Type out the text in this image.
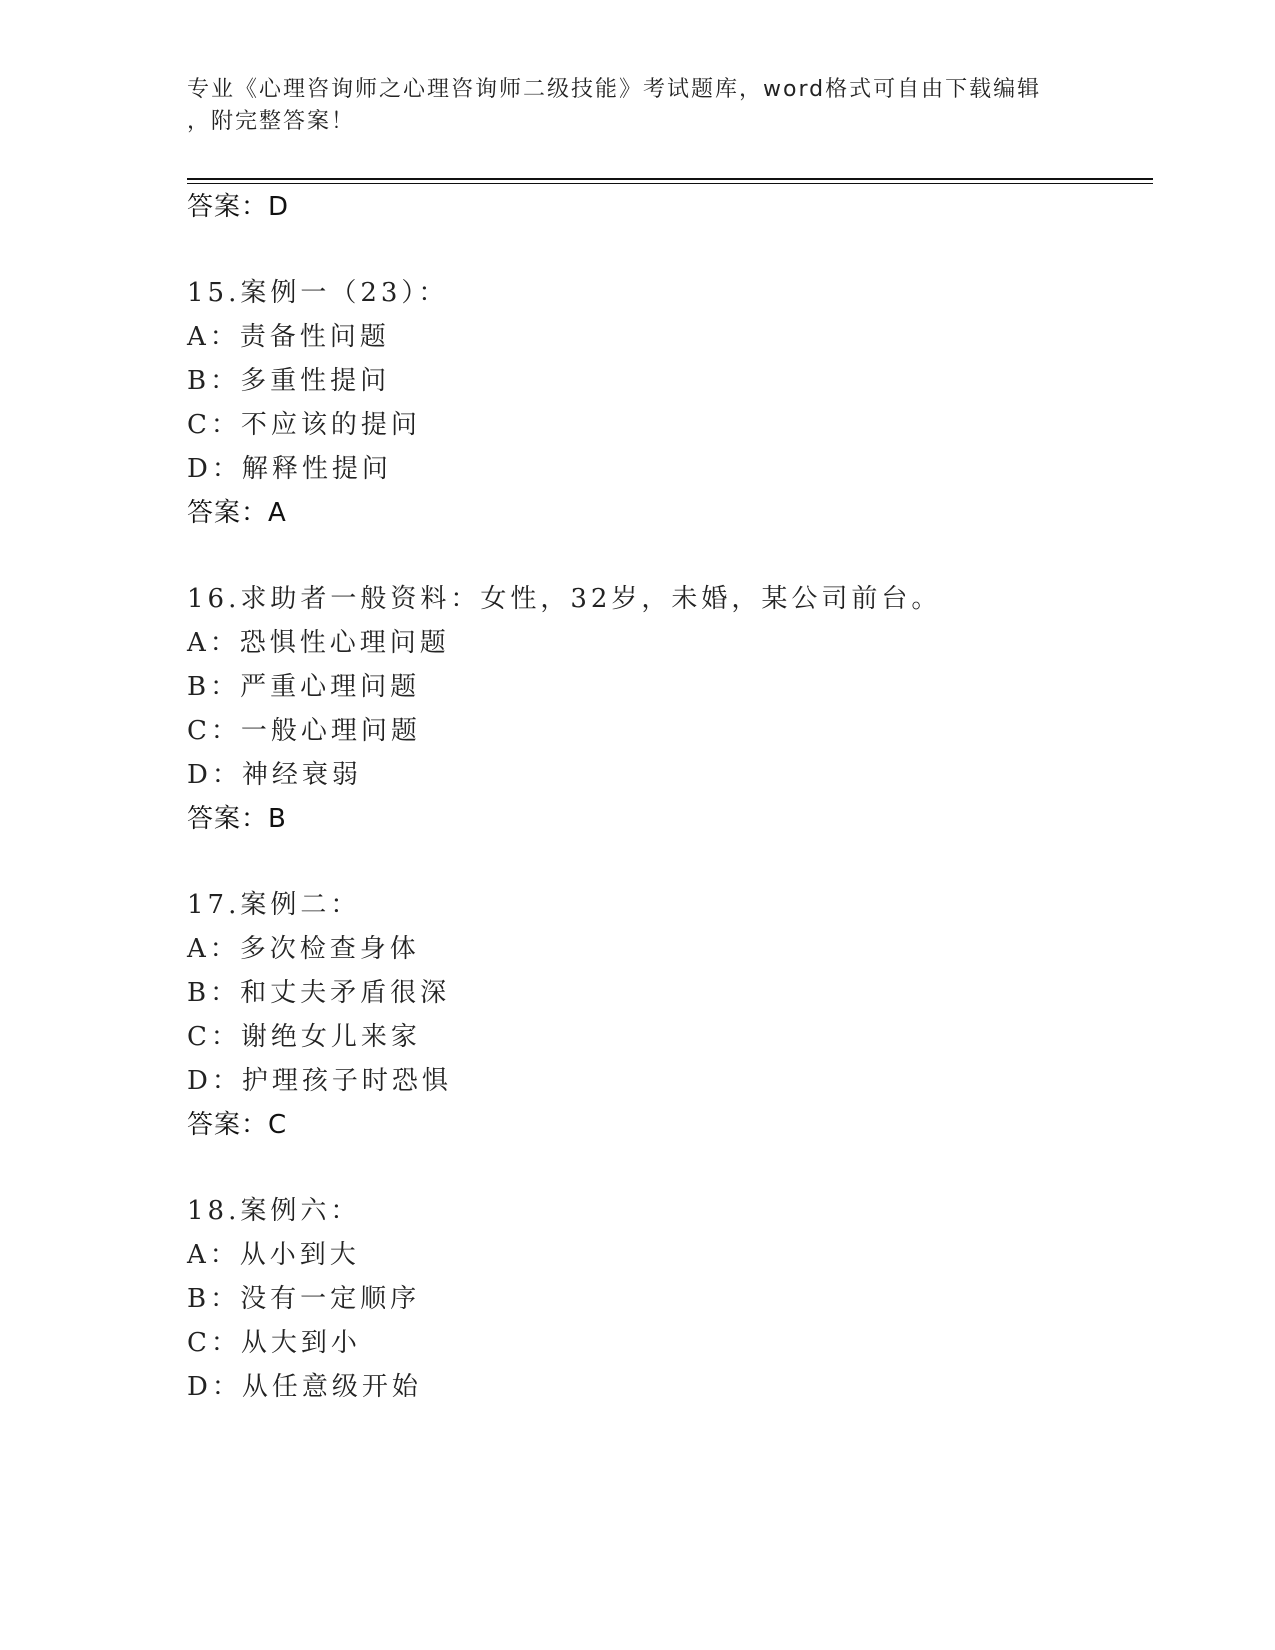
专业《心理咨询师之心理咨询师二级技能》考试题库，word格式可自由下载编辑
，附完整答案！
答案：D
15.案例一（23）：
A：责备性问题
B：多重性提问
C：不应该的提问
D：解释性提问
答案：A
16.求助者一般资料：女性，32岁，未婚，某公司前台。
A：恐惧性心理问题
B：严重心理问题
C：一般心理问题
D：神经衰弱
答案：B
17.案例二：
A：多次检查身体
B：和丈夫矛盾很深
C：谢绝女儿来家
D：护理孩子时恐惧
答案：C
18.案例六：
A：从小到大
B：没有一定顺序
C：从大到小
D：从任意级开始
